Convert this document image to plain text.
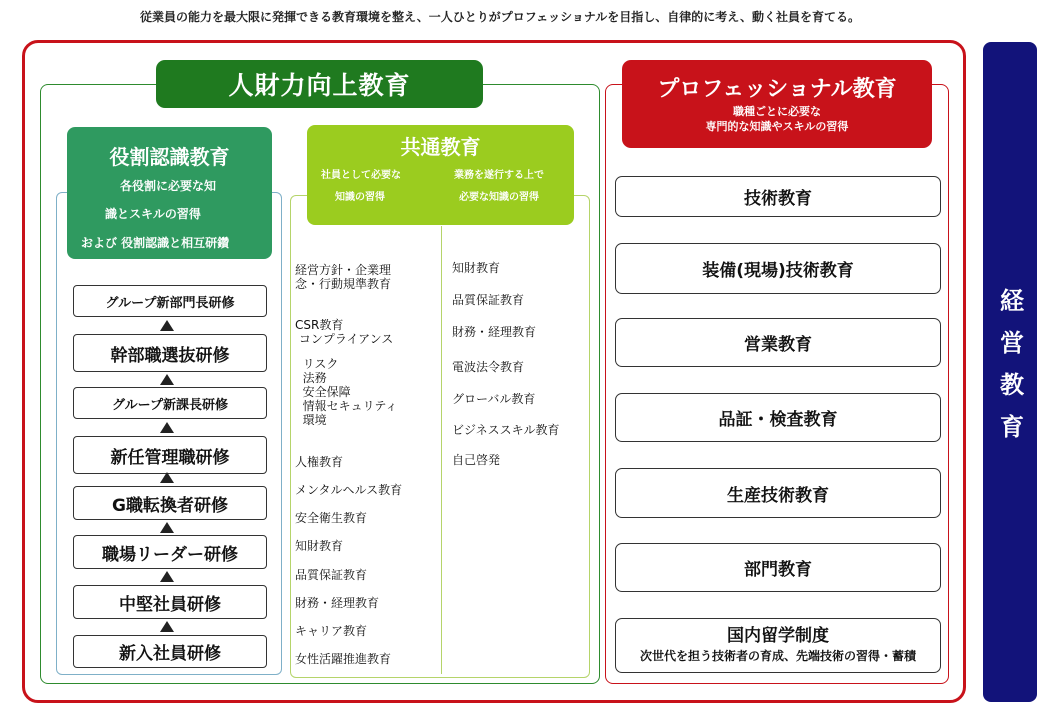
従業員の能力を最大限に発揮できる教育環境を整え、一人ひとりがプロフェッショナルを目指し、自律的に考え、動く社員を育てる。
人財力向上教育
役割認識教育
各役割に必要な知
識とスキルの習得
および 役割認識と相互研鑽
グループ新部門長研修
幹部職選抜研修
グループ新課長研修
新任管理職研修
G職転換者研修
職場リーダー研修
中堅社員研修
新入社員研修
共通教育
社員として必要な
知識の習得
業務を遂行する上で
必要な知識の習得
経営方針・企業理
念・行動規準教育
CSR教育
コンプライアンス
リスク
法務
安全保障
情報セキュリティ
環境
人権教育
メンタルヘルス教育
安全衛生教育
知財教育
品質保証教育
財務・経理教育
キャリア教育
女性活躍推進教育
知財教育
品質保証教育
財務・経理教育
電波法令教育
グローバル教育
ビジネススキル教育
自己啓発
プロフェッショナル教育
職種ごとに必要な
専門的な知識やスキルの習得
技術教育
装備(現場)技術教育
営業教育
品証・検査教育
生産技術教育
部門教育
国内留学制度
次世代を担う技術者の育成、先端技術の習得・蓄積
経営教育
